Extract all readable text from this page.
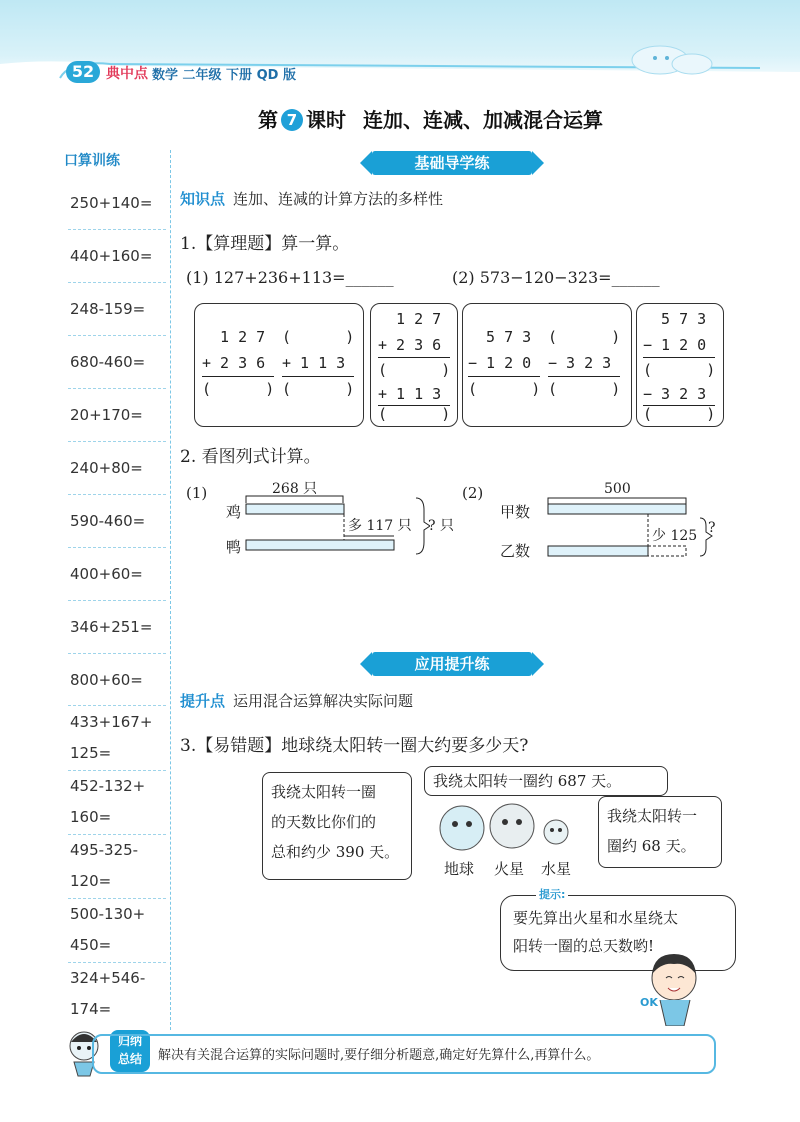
52 典中点 数学 二年级 下册 QD 版
第 7 课时 连加、连减、加减混合运算
口算训练
250+140=
440+160=
248-159=
680-460=
20+170=
240+80=
590-460=
400+60=
346+251=
800+60=
433+167+
125=
452-132+
160=
495-325-
120=
500-130+
450=
324+546-
174=
基础导学练
知识点 连加、连减的计算方法的多样性
1.【算理题】算一算。
(1) 127+236+113=______	(2) 573−120−323=______
1 2 7
+ 2 3 6
(      )
(      )
+ 1 1 3
(      )
1 2 7
+ 2 3 6
(      )
+ 1 1 3
(      )
5 7 3
− 1 2 0
(      )
(      )
− 3 2 3
(      )
5 7 3
− 1 2 0
(      )
− 3 2 3
(      )
2. 看图列式计算。
(1)	268 只
鸡
鸭
多 117 只 ? 只
(2)	500
甲数
乙数
少 125 ?
应用提升练
提升点 运用混合运算解决实际问题
3.【易错题】地球绕太阳转一圈大约要多少天?
我绕太阳转一圈
的天数比你们的
总和约少 390 天。
我绕太阳转一圈约 687 天。
我绕太阳转一
圈约 68 天。
地球 火星 水星
要先算出火星和水星绕太
阳转一圈的总天数哟!
提示:
OK
归纳
总结	解决有关混合运算的实际问题时,要仔细分析题意,确定好先算什么,再算什么。
